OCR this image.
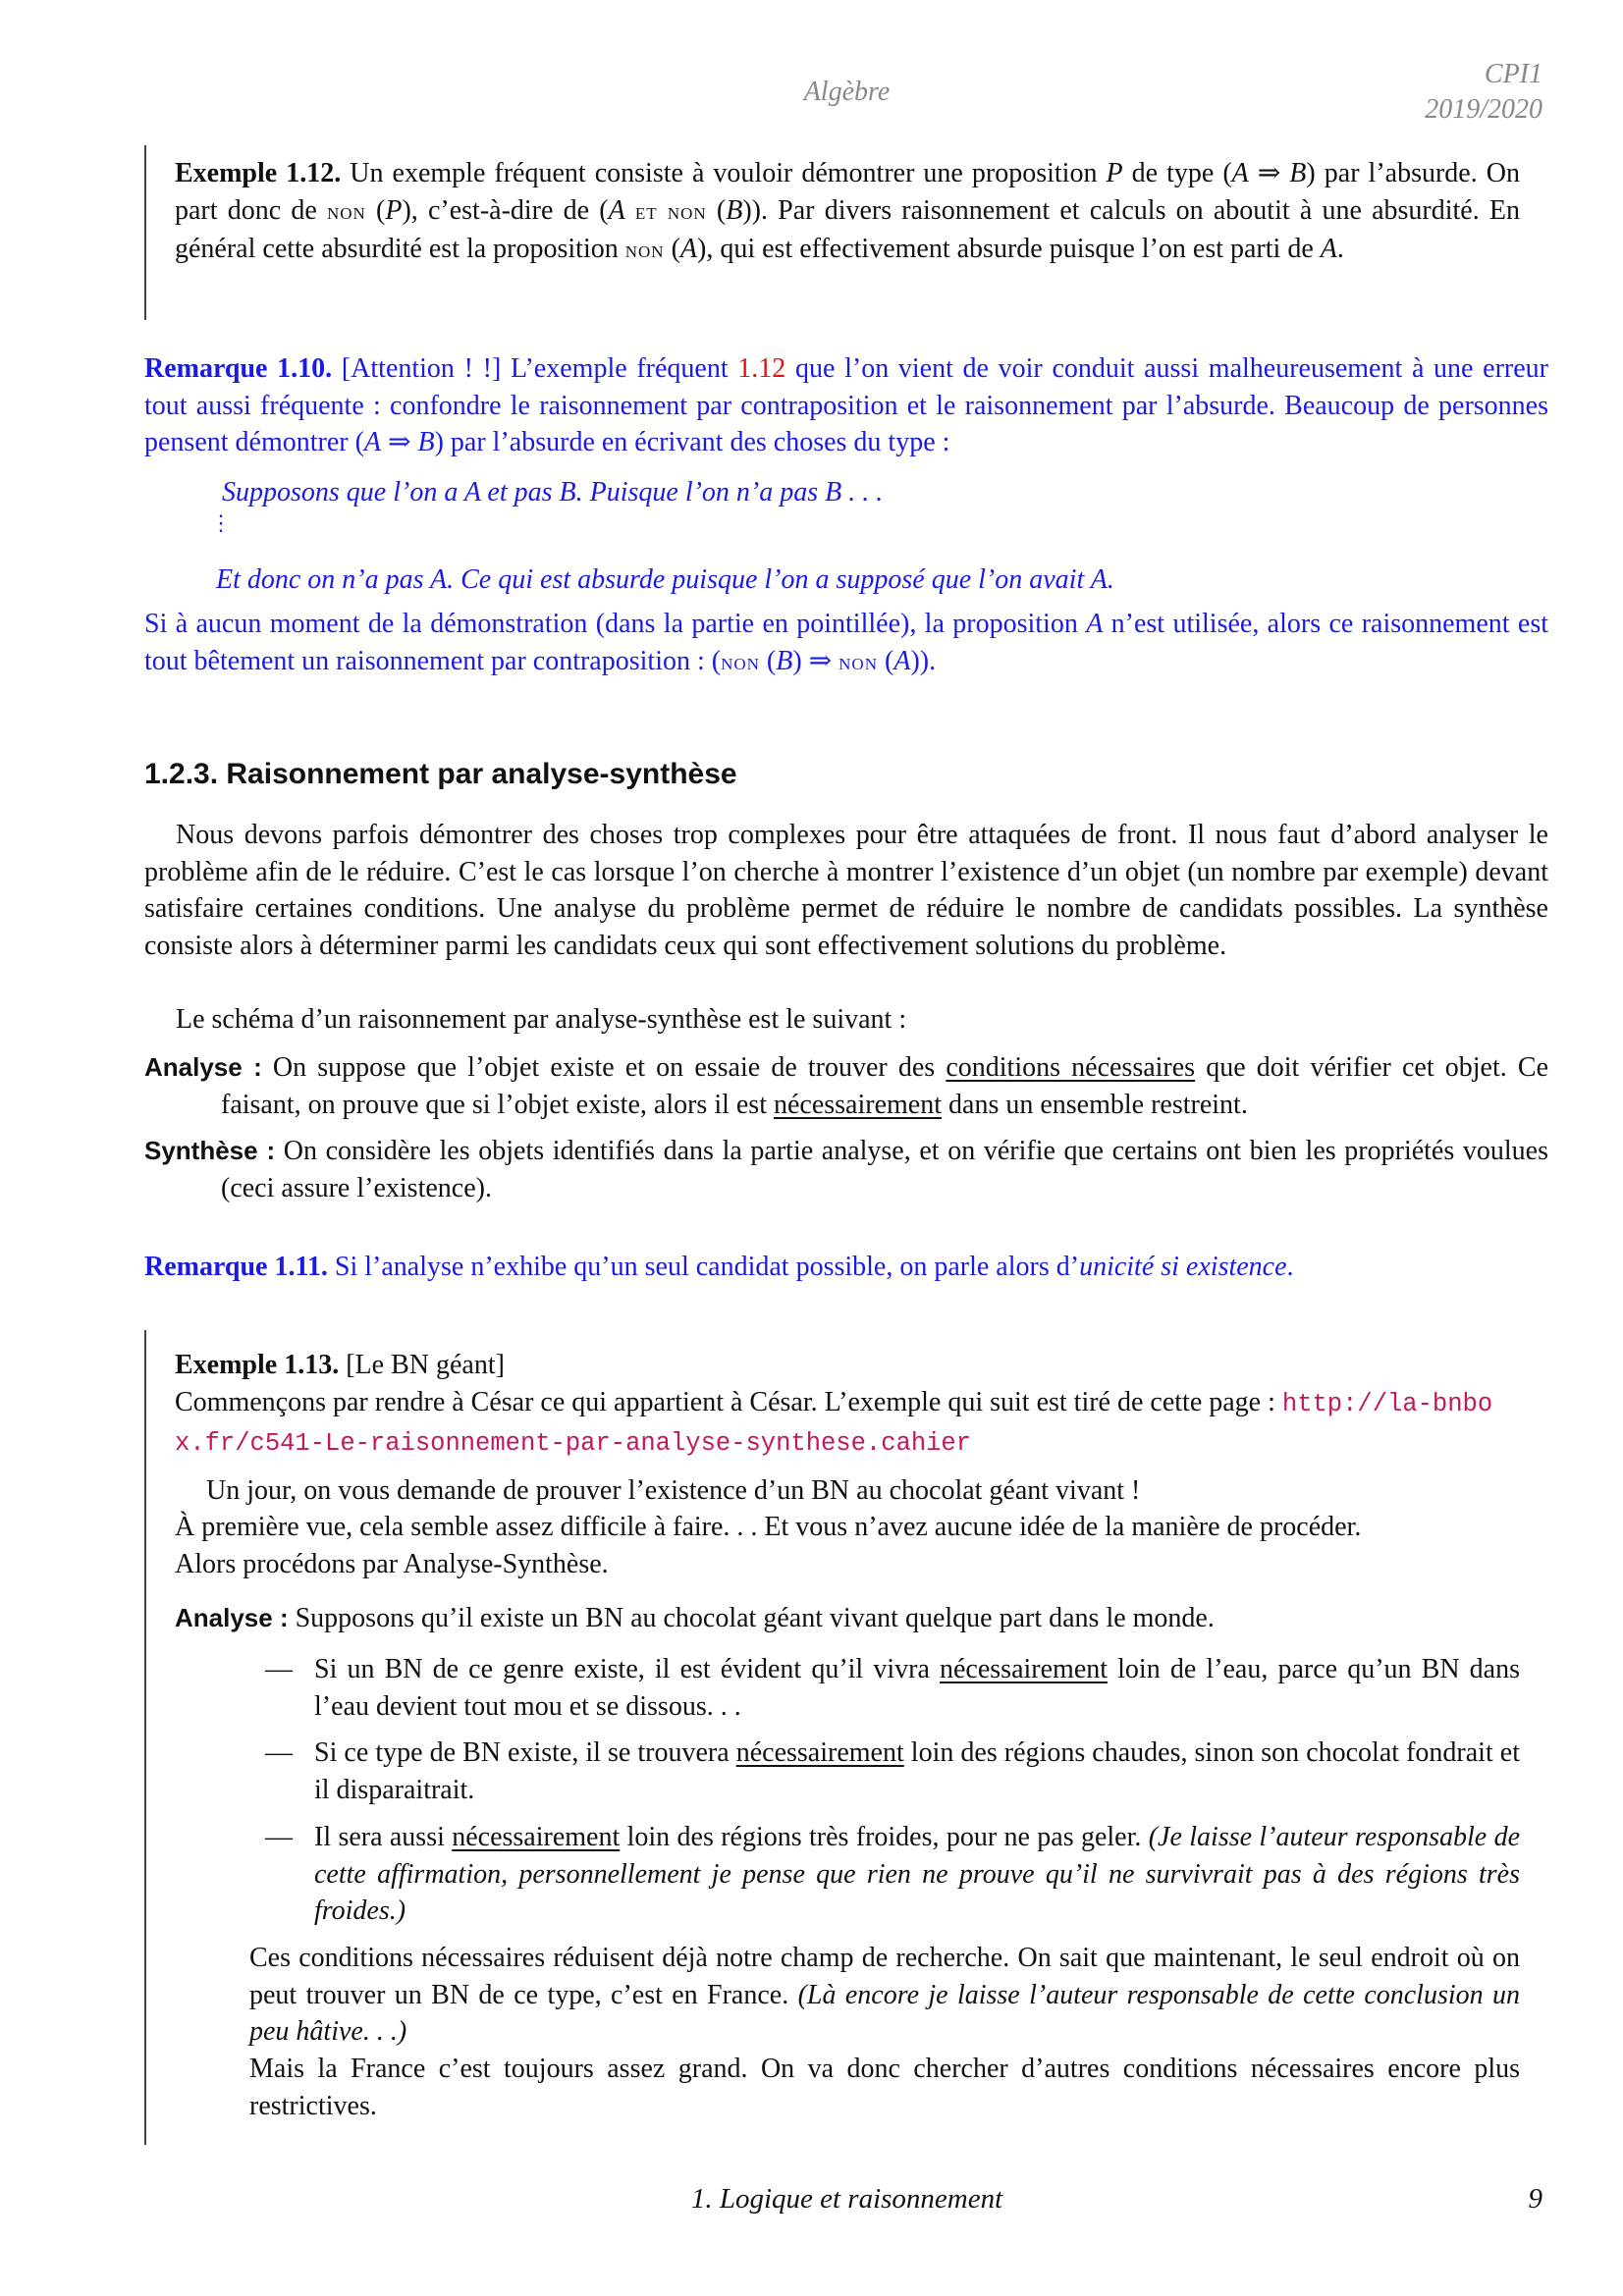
Algèbre
CPI1
2019/2020
Exemple 1.12. Un exemple fréquent consiste à vouloir démontrer une proposition P de type (A ⇒ B) par l’absurde. On part donc de non (P), c’est-à-dire de (A et non (B)). Par divers raisonnement et calculs on aboutit à une absurdité. En général cette absurdité est la proposition non (A), qui est effectivement absurde puisque l’on est parti de A.
Remarque 1.10. [Attention ! !] L’exemple fréquent 1.12 que l’on vient de voir conduit aussi malheureusement à une erreur tout aussi fréquente : confondre le raisonnement par contraposition et le raisonnement par l’absurde. Beaucoup de personnes pensent démontrer (A ⇒ B) par l’absurde en écrivant des choses du type :
Supposons que l’on a A et pas B. Puisque l’on n’a pas B . . .
⋮
Et donc on n’a pas A. Ce qui est absurde puisque l’on a supposé que l’on avait A.
Si à aucun moment de la démonstration (dans la partie en pointillée), la proposition A n’est utilisée, alors ce raisonnement est tout bêtement un raisonnement par contraposition : (non (B) ⇒ non (A)).
1.2.3. Raisonnement par analyse-synthèse
Nous devons parfois démontrer des choses trop complexes pour être attaquées de front. Il nous faut d’abord analyser le problème afin de le réduire. C’est le cas lorsque l’on cherche à montrer l’existence d’un objet (un nombre par exemple) devant satisfaire certaines conditions. Une analyse du problème permet de réduire le nombre de candidats possibles. La synthèse consiste alors à déterminer parmi les candidats ceux qui sont effectivement solutions du problème.
Le schéma d’un raisonnement par analyse-synthèse est le suivant :
Analyse : On suppose que l’objet existe et on essaie de trouver des conditions nécessaires que doit vérifier cet objet. Ce faisant, on prouve que si l’objet existe, alors il est nécessairement dans un ensemble restreint.
Synthèse : On considère les objets identifiés dans la partie analyse, et on vérifie que certains ont bien les propriétés voulues (ceci assure l’existence).
Remarque 1.11. Si l’analyse n’exhibe qu’un seul candidat possible, on parle alors d’unicité si existence.
Exemple 1.13. [Le BN géant]
Commençons par rendre à César ce qui appartient à César. L’exemple qui suit est tiré de cette page : http://la-bnbox.fr/c541-Le-raisonnement-par-analyse-synthese.cahier
Un jour, on vous demande de prouver l’existence d’un BN au chocolat géant vivant !
À première vue, cela semble assez difficile à faire. . . Et vous n’avez aucune idée de la manière de procéder.
Alors procédons par Analyse-Synthèse.
Analyse : Supposons qu’il existe un BN au chocolat géant vivant quelque part dans le monde.
— Si un BN de ce genre existe, il est évident qu’il vivra nécessairement loin de l’eau, parce qu’un BN dans l’eau devient tout mou et se dissous. . .
— Si ce type de BN existe, il se trouvera nécessairement loin des régions chaudes, sinon son chocolat fondrait et il disparaitrait.
— Il sera aussi nécessairement loin des régions très froides, pour ne pas geler. (Je laisse l’auteur responsable de cette affirmation, personnellement je pense que rien ne prouve qu’il ne survivrait pas à des régions très froides.)
Ces conditions nécessaires réduisent déjà notre champ de recherche. On sait que maintenant, le seul endroit où on peut trouver un BN de ce type, c’est en France. (Là encore je laisse l’auteur responsable de cette conclusion un peu hâtive. . .)
Mais la France c’est toujours assez grand. On va donc chercher d’autres conditions nécessaires encore plus restrictives.
1. Logique et raisonnement	9
